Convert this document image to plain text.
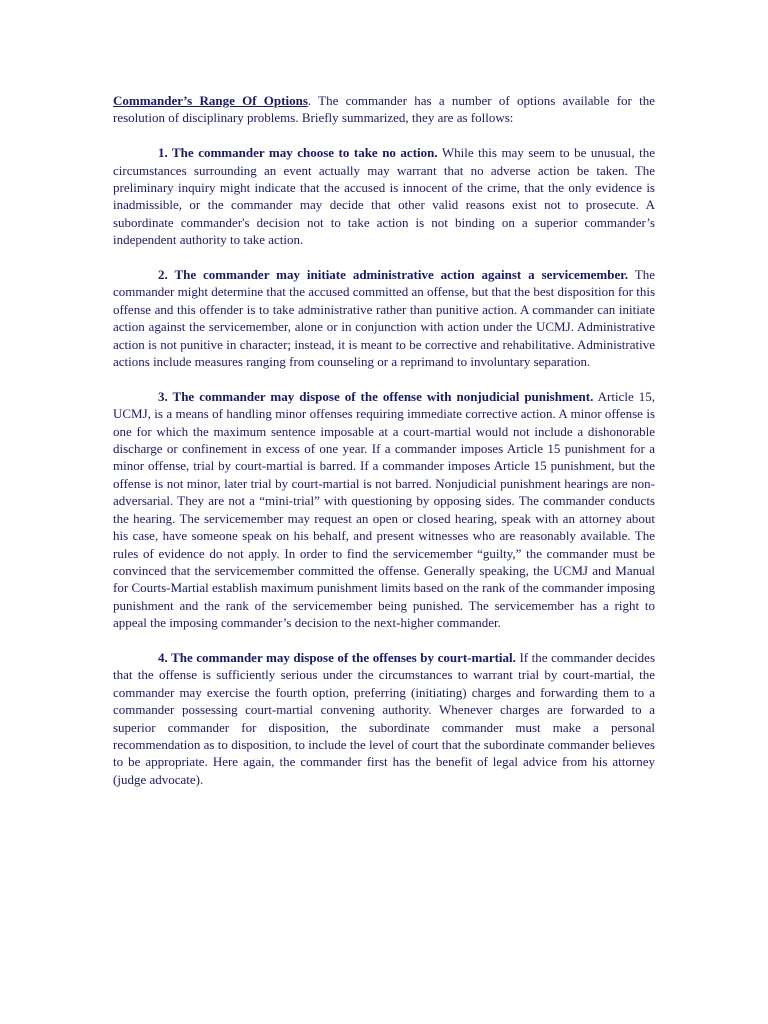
Commander’s Range Of Options. The commander has a number of options available for the resolution of disciplinary problems. Briefly summarized, they are as follows:

1. The commander may choose to take no action. While this may seem to be unusual, the circumstances surrounding an event actually may warrant that no adverse action be taken. The preliminary inquiry might indicate that the accused is innocent of the crime, that the only evidence is inadmissible, or the commander may decide that other valid reasons exist not to prosecute. A subordinate commander's decision not to take action is not binding on a superior commander’s independent authority to take action.

2. The commander may initiate administrative action against a servicemember. The commander might determine that the accused committed an offense, but that the best disposition for this offense and this offender is to take administrative rather than punitive action. A commander can initiate action against the servicemember, alone or in conjunction with action under the UCMJ. Administrative action is not punitive in character; instead, it is meant to be corrective and rehabilitative. Administrative actions include measures ranging from counseling or a reprimand to involuntary separation.

3. The commander may dispose of the offense with nonjudicial punishment. Article 15, UCMJ, is a means of handling minor offenses requiring immediate corrective action. A minor offense is one for which the maximum sentence imposable at a court-martial would not include a dishonorable discharge or confinement in excess of one year. If a commander imposes Article 15 punishment for a minor offense, trial by court-martial is barred. If a commander imposes Article 15 punishment, but the offense is not minor, later trial by court-martial is not barred. Nonjudicial punishment hearings are non-adversarial. They are not a “mini-trial” with questioning by opposing sides. The commander conducts the hearing. The servicemember may request an open or closed hearing, speak with an attorney about his case, have someone speak on his behalf, and present witnesses who are reasonably available. The rules of evidence do not apply. In order to find the servicemember “guilty,” the commander must be convinced that the servicemember committed the offense. Generally speaking, the UCMJ and Manual for Courts-Martial establish maximum punishment limits based on the rank of the commander imposing punishment and the rank of the servicemember being punished. The servicemember has a right to appeal the imposing commander’s decision to the next-higher commander.

4. The commander may dispose of the offenses by court-martial. If the commander decides that the offense is sufficiently serious under the circumstances to warrant trial by court-martial, the commander may exercise the fourth option, preferring (initiating) charges and forwarding them to a commander possessing court-martial convening authority. Whenever charges are forwarded to a superior commander for disposition, the subordinate commander must make a personal recommendation as to disposition, to include the level of court that the subordinate commander believes to be appropriate. Here again, the commander first has the benefit of legal advice from his attorney (judge advocate).
